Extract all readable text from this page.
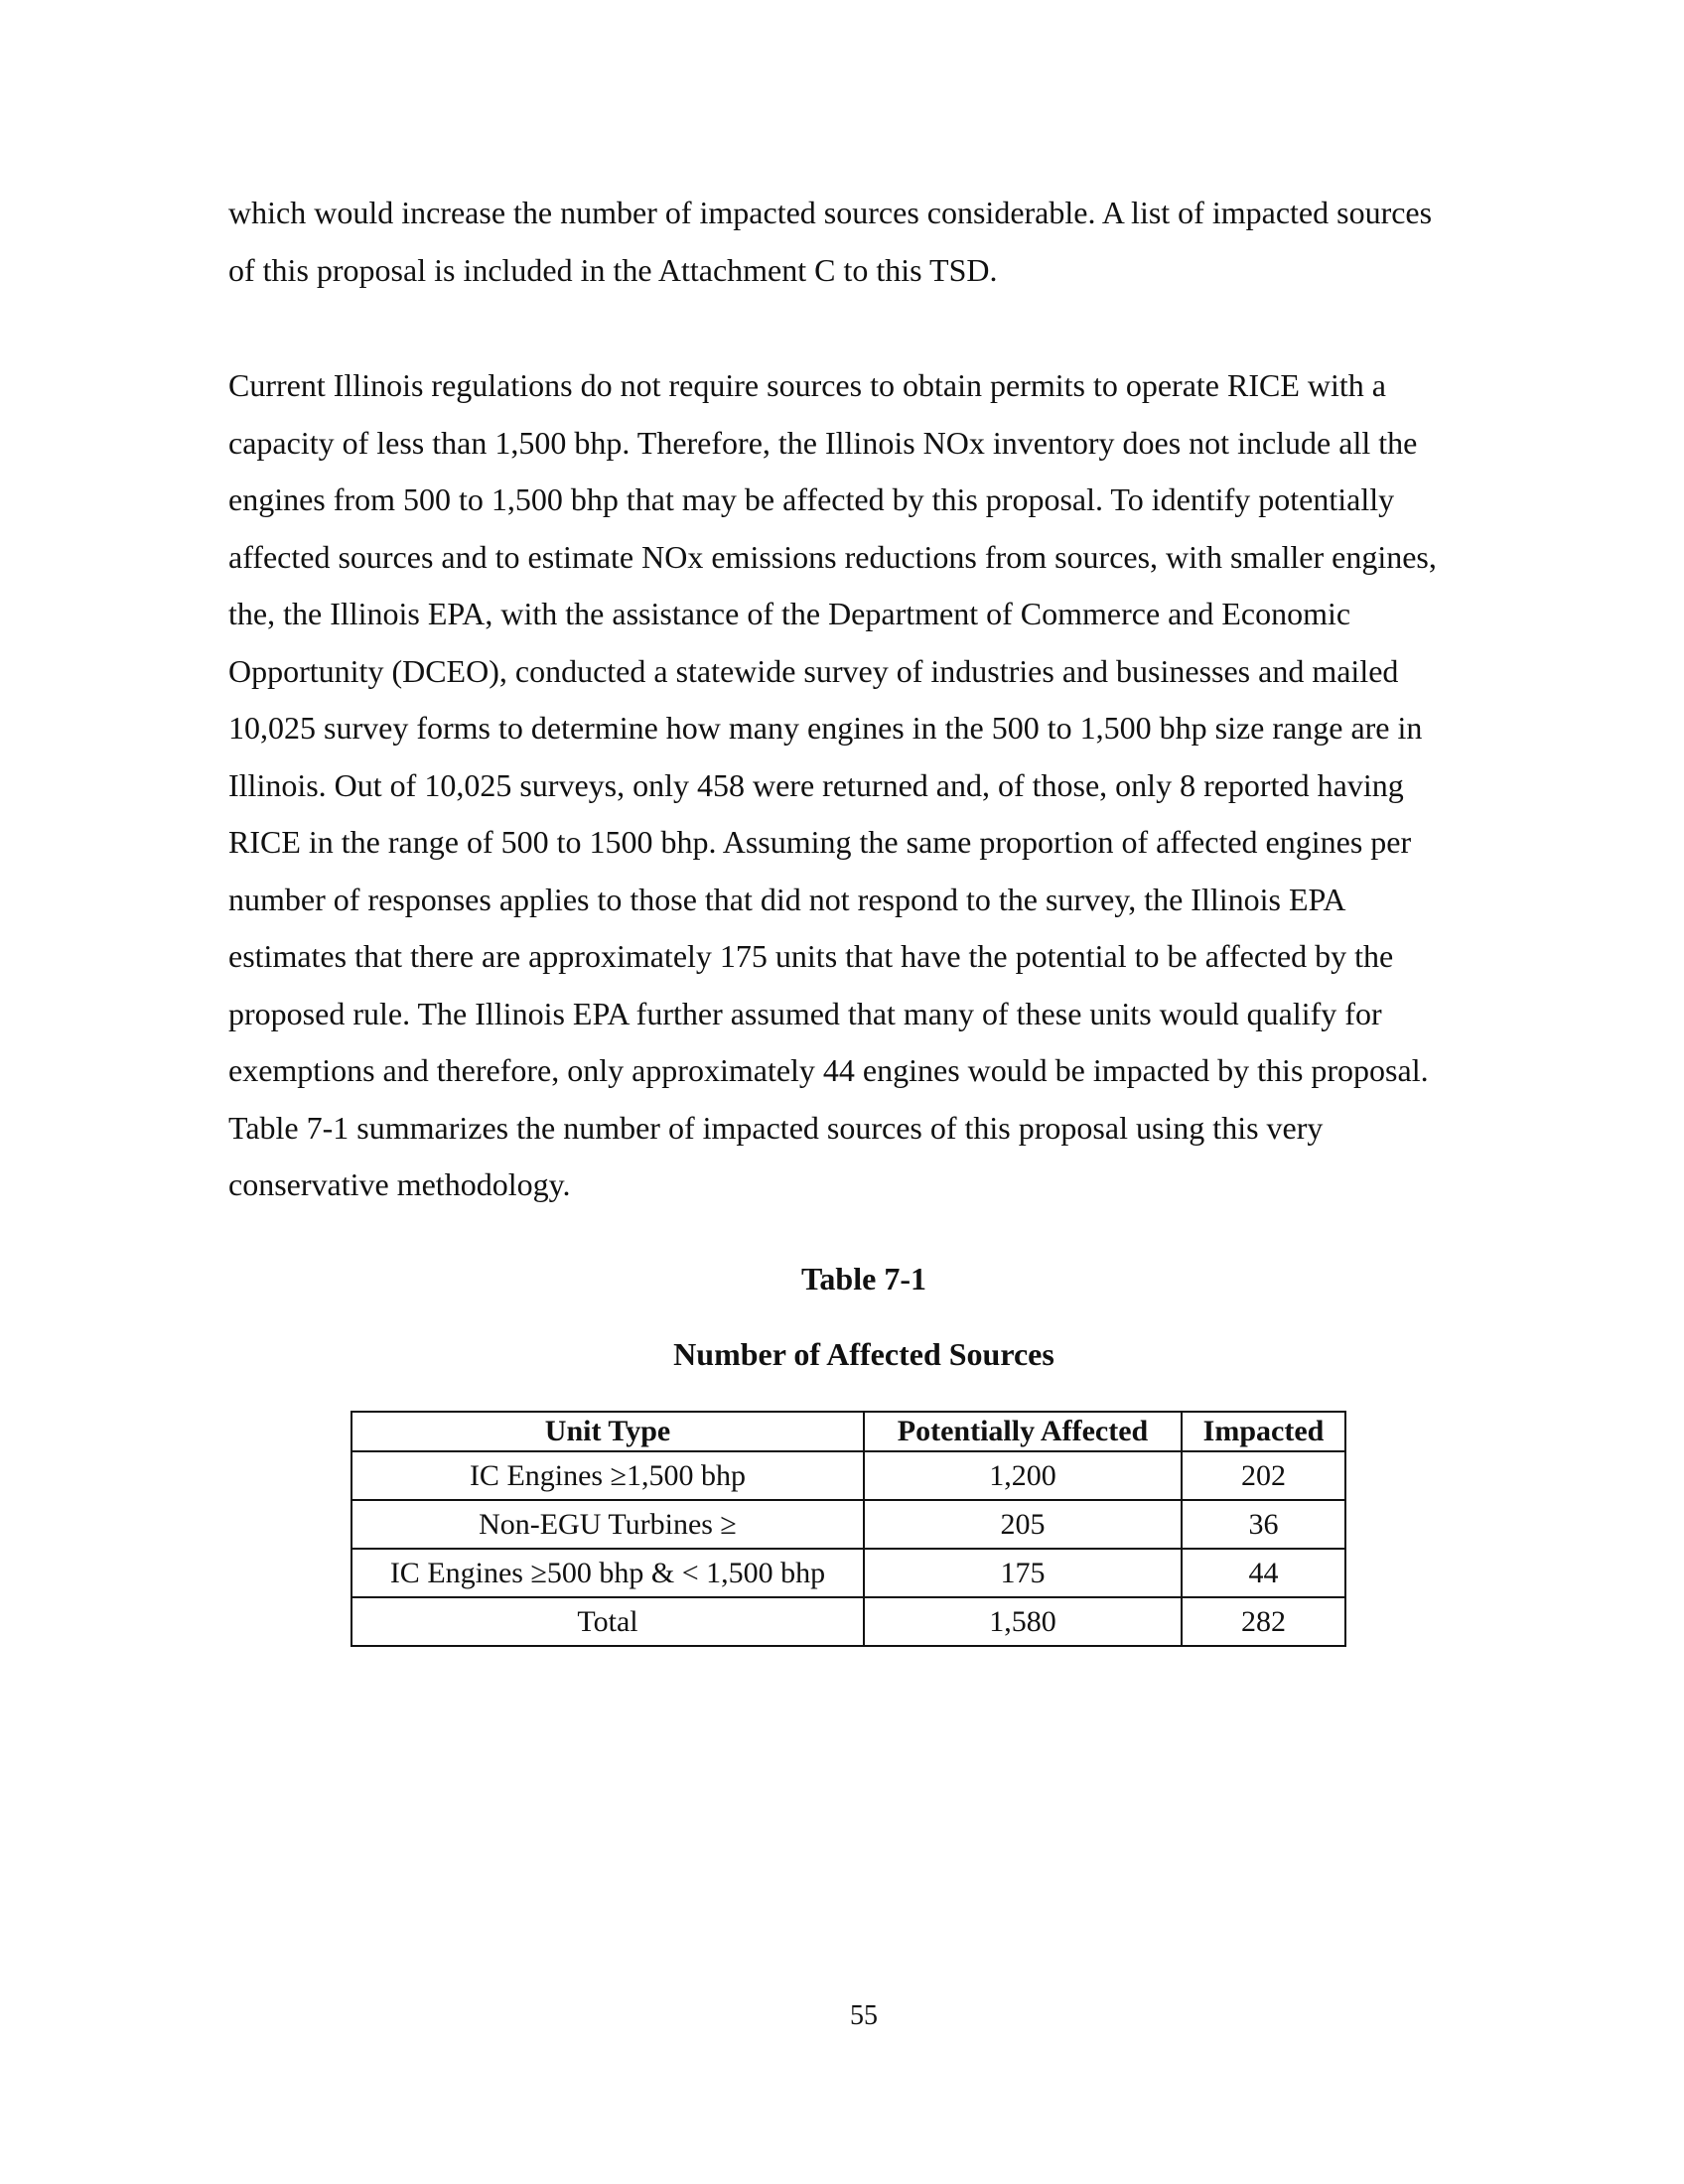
which would increase the number of impacted sources considerable. A list of impacted sources
of this proposal is included in the Attachment C to this TSD.

Current Illinois regulations do not require sources to obtain permits to operate RICE with a
capacity of less than 1,500 bhp. Therefore, the Illinois NOx inventory does not include all the
engines from 500 to 1,500 bhp that may be affected by this proposal. To identify potentially
affected sources and to estimate NOx emissions reductions from sources, with smaller engines,
the, the Illinois EPA, with the assistance of the Department of Commerce and Economic
Opportunity (DCEO), conducted a statewide survey of industries and businesses and mailed
10,025 survey forms to determine how many engines in the 500 to 1,500 bhp size range are in
Illinois. Out of 10,025 surveys, only 458 were returned and, of those, only 8 reported having
RICE in the range of 500 to 1500 bhp. Assuming the same proportion of affected engines per
number of responses applies to those that did not respond to the survey, the Illinois EPA
estimates that there are approximately 175 units that have the potential to be affected by the
proposed rule. The Illinois EPA further assumed that many of these units would qualify for
exemptions and therefore, only approximately 44 engines would be impacted by this proposal.
Table 7-1 summarizes the number of impacted sources of this proposal using this very
conservative methodology.

Table 7-1

Number of Affected Sources

Unit Type	Potentially Affected	Impacted
IC Engines ≥1,500 bhp	1,200	202
Non-EGU Turbines ≥	205	36
IC Engines ≥500 bhp & < 1,500 bhp	175	44
Total	1,580	282

55
